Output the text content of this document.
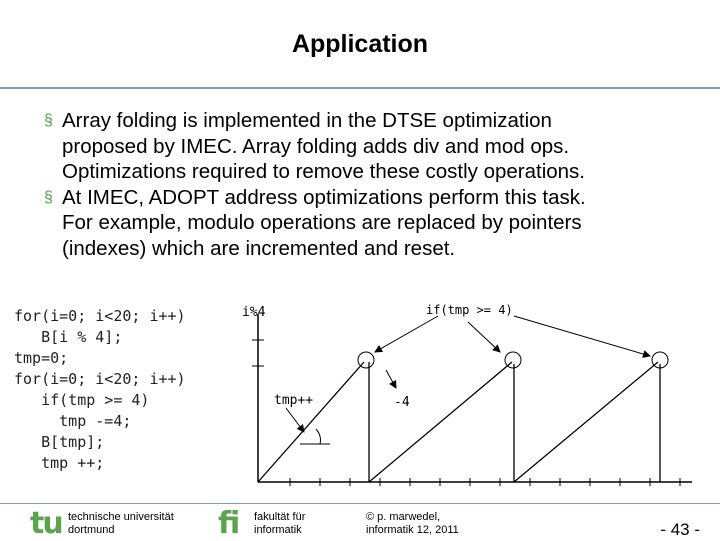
Application
§ Array folding is implemented in the DTSE optimization
proposed by IMEC. Array folding adds div and mod ops.
Optimizations required to remove these costly operations.
§ At IMEC, ADOPT address optimizations perform this task.
For example, modulo operations are replaced by pointers
(indexes) which are incremented and reset.
for(i=0; i<20; i++)
B[i % 4];
tmp=0;
for(i=0; i<20; i++)
if(tmp >= 4)
tmp -=4;
B[tmp];
tmp ++;
i%4	if(tmp >= 4)
tmp++	-4
tu technische universität
dortmund	fi fakultät für
informatik
© p. marwedel,
informatik 12, 2011	- 43 -
